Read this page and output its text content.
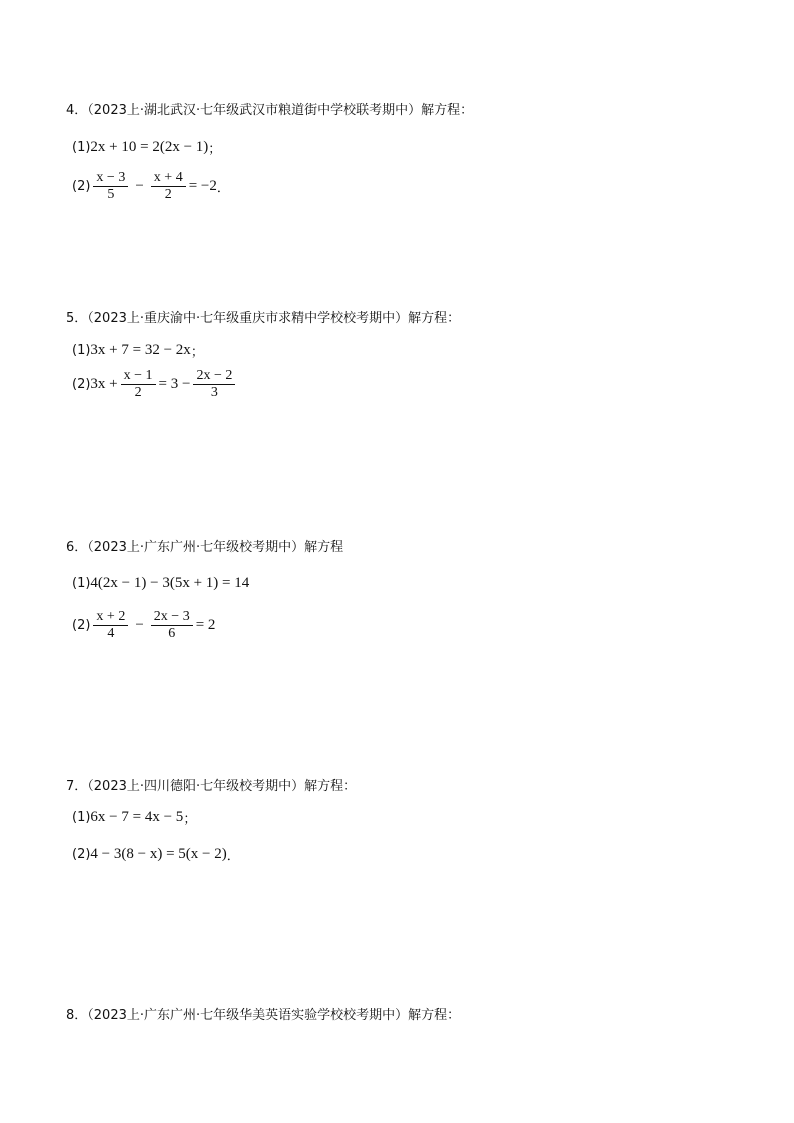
4．（2023上·湖北武汉·七年级武汉市粮道街中学校联考期中）解方程：
(1) 2x + 10 = 2(2x − 1) ；
$(2) \frac{x - 3}{5} - \frac{x + 4}{2} = -2$ ．
5．（2023上·重庆渝中·七年级重庆市求精中学校校考期中）解方程：
(1) 3x + 7 = 32 − 2x ；
(2) $3x + \frac{x - 1}{2} = 3 - \frac{2x - 2}{3}$
6．（2023上·广东广州·七年级校考期中）解方程
(1) 4(2x − 1) − 3(5x + 1) = 14
$(2) \frac{x + 2}{4} - \frac{2x - 3}{6} = 2$
7．（2023上·四川德阳·七年级校考期中）解方程：
(1) 6x − 7 = 4x − 5 ；
(2) 4 − 3(8 − x) = 5(x − 2) ．
8．（2023上·广东广州·七年级华美英语实验学校校考期中）解方程：
